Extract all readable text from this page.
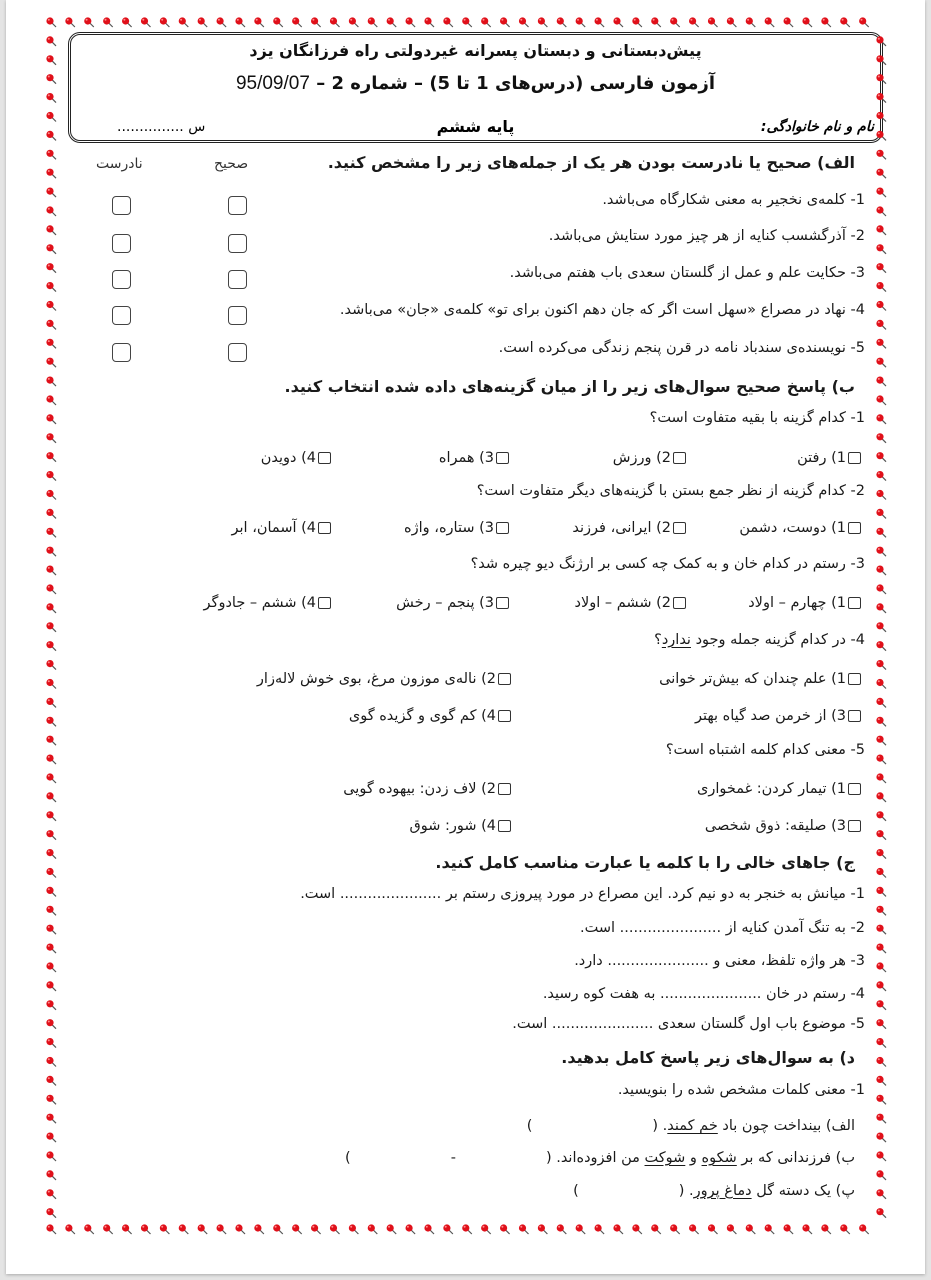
پیش‌دبستانی و دبستان پسرانه غیردولتی راه فرزانگان یزد
آزمون فارسی (درس‌های 1 تا 5) – شماره 2 – 95/09/07
نام و نام خانوادگی:
پایه ششم
س ...............
الف) صحیح یا نادرست بودن هر یک از جمله‌های زیر را مشخص کنید.
صحیح
نادرست
1- کلمه‌ی نخجیر به معنی شکارگاه می‌باشد.
2- آذرگشسب کنایه از هر چیز مورد ستایش می‌باشد.
3- حکایت علم و عمل از گلستان سعدی باب هفتم می‌باشد.
4- نهاد در مصراع «سهل است اگر که جان دهم اکنون برای تو» کلمه‌ی «جان» می‌باشد.
5- نویسنده‌ی سندباد نامه در قرن پنجم زندگی می‌کرده است.
ب) پاسخ صحیح سوال‌های زیر را از میان گزینه‌های داده شده انتخاب کنید.
1- کدام گزینه با بقیه متفاوت است؟
1) رفتن
2) ورزش
3) همراه
4) دویدن
2- کدام گزینه از نظر جمع بستن با گزینه‌های دیگر متفاوت است؟
1) دوست، دشمن
2) ایرانی، فرزند
3) ستاره، واژه
4) آسمان، ابر
3- رستم در کدام خان و به کمک چه کسی بر ارژنگ دیو چیره شد؟
1) چهارم – اولاد
2) ششم – اولاد
3) پنجم – رخش
4) ششم – جادوگر
4- در کدام گزینه جمله وجود ندارد؟
1) علم چندان که بیش‌تر خوانی
2) ناله‌ی موزون مرغ، بوی خوش لاله‌زار
3) از خرمن صد گیاه بهتر
4) کم گوی و گزیده گوی
5- معنی کدام کلمه اشتباه است؟
1) تیمار کردن: غمخواری
2) لاف زدن: بیهوده گویی
3) صلیقه: ذوق شخصی
4) شور: شوق
ج) جاهای خالی را با کلمه یا عبارت مناسب کامل کنید.
1- میانش به خنجر به دو نیم کرد. این مصراع در مورد پیروزی رستم بر ...................... است.
2- به تنگ آمدن کنایه از ...................... است.
3- هر واژه تلفظ، معنی و ...................... دارد.
4- رستم در خان ...................... به هفت کوه رسید.
5- موضوع باب اول گلستان سعدی ...................... است.
د) به سوال‌های زیر پاسخ کامل بدهید.
1- معنی کلمات مشخص شده را بنویسید.
الف) بینداخت چون باد خم کمند. ()
ب) فرزندانی که بر شکوه و شوکت من افزوده‌اند. (-)
پ) یک دسته گل دماغ پرور. ()
